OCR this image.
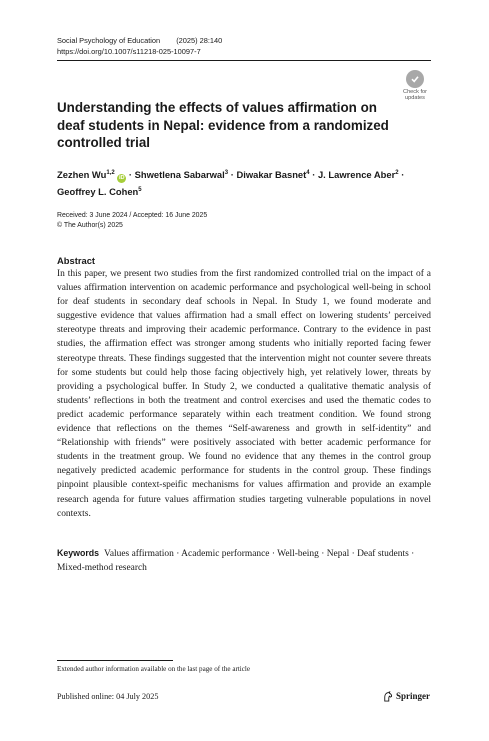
Social Psychology of Education (2025) 28:140
https://doi.org/10.1007/s11218-025-10097-7
Check for
updates
Understanding the effects of values affirmation on deaf students in Nepal: evidence from a randomized controlled trial
Zezhen Wu$^{1,2}$ iD · Shwetlena Sabarwal$^3$ · Diwakar Basnet$^4$ · J. Lawrence Aber$^2$ ·
Geoffrey L. Cohen$^5$
Received: 3 June 2024 / Accepted: 16 June 2025
© The Author(s) 2025
Abstract

In this paper, we present two studies from the first randomized controlled trial on the impact of a values affirmation intervention on academic performance and psychological well-being in school for deaf students in secondary deaf schools in Nepal. In Study 1, we found moderate and suggestive evidence that values affirmation had a small effect on lowering students’ perceived stereotype threats and improving their academic performance. Contrary to the evidence in past studies, the affirmation effect was stronger among students who initially reported facing fewer stereotype threats. These findings suggested that the intervention might not counter severe threats for some students but could help those facing objectively high, yet relatively lower, threats by providing a psychological buffer. In Study 2, we conducted a qualitative thematic analysis of students’ reflections in both the treatment and control exercises and used the thematic codes to predict academic performance separately within each treatment condition. We found strong evidence that reflections on the themes “Self-awareness and growth in self-identity” and “Relationship with friends” were positively associated with better academic performance for students in the treatment group. We found no evidence that any themes in the control group negatively predicted academic performance for students in the control group. These findings pinpoint plausible context-speific mechanisms for values affirmation and provide an example research agenda for future values affirmation studies targeting vulnerable populations in novel contexts.

Keywords Values affirmation · Academic performance · Well-being · Nepal · Deaf students · Mixed-method research

Extended author information available on the last page of the article
Published online: 04 July 2025	Springer
